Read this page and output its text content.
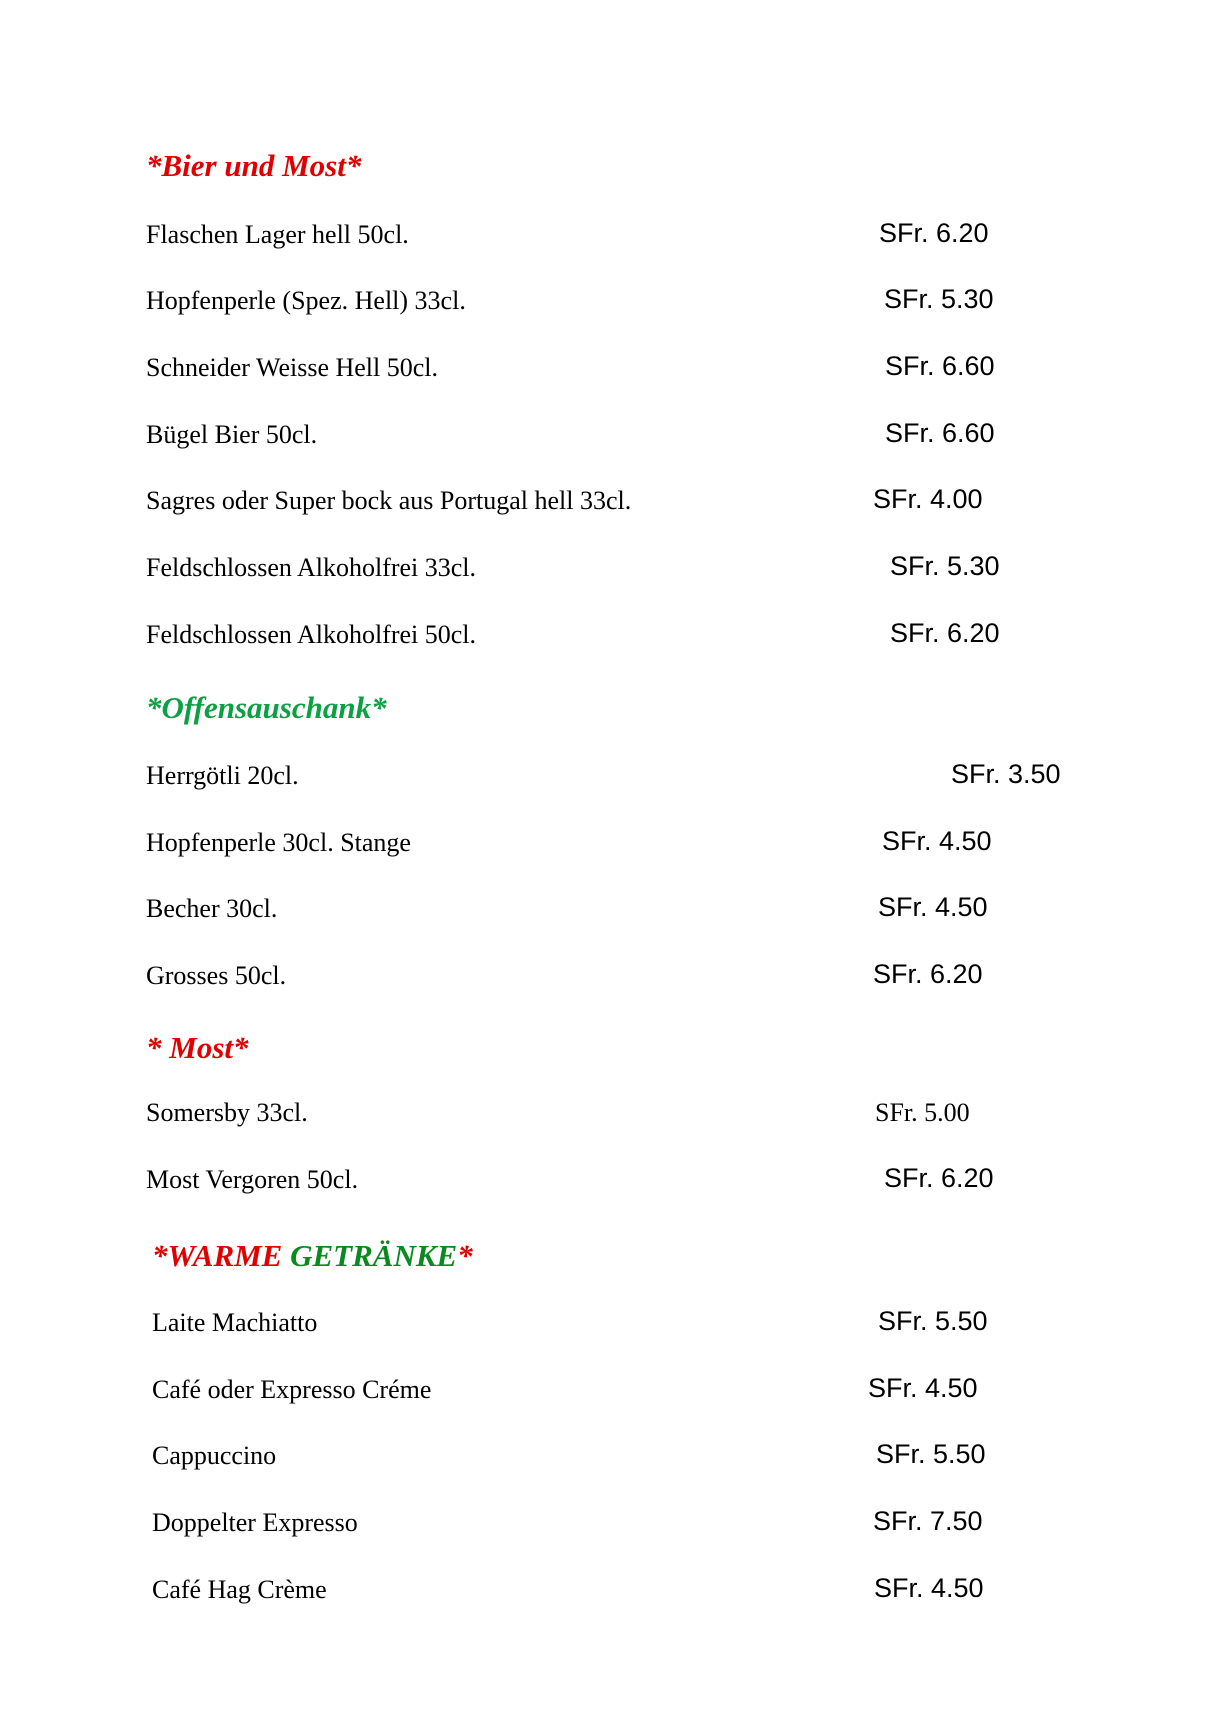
*Bier und Most*
Flaschen Lager hell 50cl.	SFr. 6.20
Hopfenperle (Spez. Hell) 33cl.	SFr. 5.30
Schneider Weisse Hell 50cl.	SFr. 6.60
Bügel Bier 50cl.	SFr. 6.60
Sagres oder Super bock aus Portugal hell 33cl.	SFr. 4.00
Feldschlossen Alkoholfrei 33cl.	SFr. 5.30
Feldschlossen Alkoholfrei 50cl.	SFr. 6.20
*Offensauschank*
Herrgötli 20cl.	SFr. 3.50
Hopfenperle 30cl. Stange	SFr. 4.50
Becher 30cl.	SFr. 4.50
Grosses 50cl.	SFr. 6.20
* Most*
Somersby 33cl.	SFr. 5.00
Most Vergoren 50cl.	SFr. 6.20
*WARME GETRÄNKE*
Laite Machiatto	SFr. 5.50
Café oder Expresso Créme	SFr. 4.50
Cappuccino	SFr. 5.50
Doppelter Expresso	SFr. 7.50
Café Hag Crème	SFr. 4.50
